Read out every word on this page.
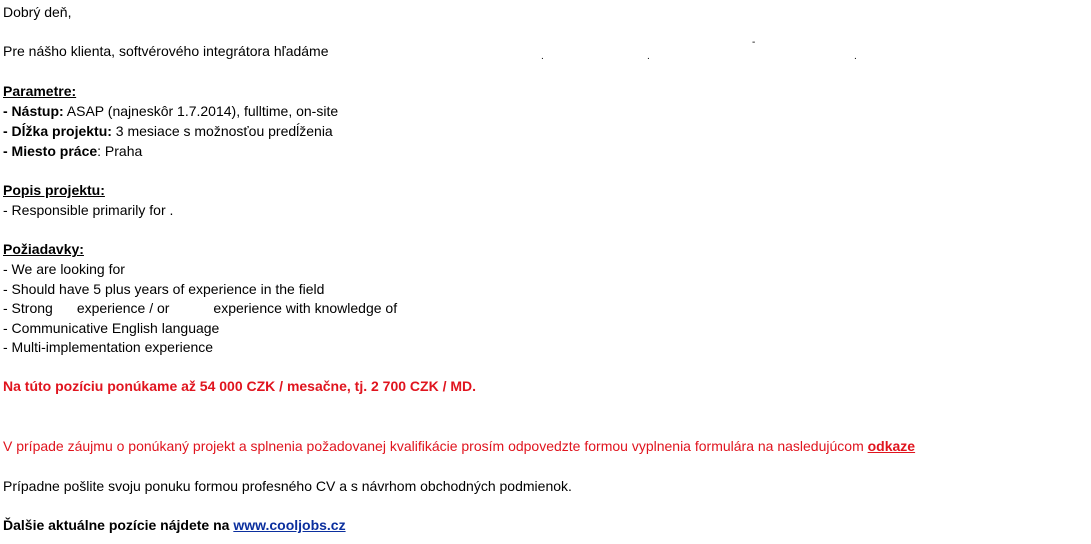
Dobrý deň,
Pre nášho klienta, softvérového integrátora hľadáme	.	.
-
.
Parametre:
- Nástup: ASAP (najneskôr 1.7.2014), fulltime, on-site
- Dĺžka projektu: 3 mesiace s možnosťou predĺženia
- Miesto práce: Praha
Popis projektu:
- Responsible primarily for .
Požiadavky:
- We are looking for
- Should have 5 plus years of experience in the field
- Strong experience / or	experience with knowledge of
- Communicative English language
- Multi-implementation experience
Na túto pozíciu ponúkame až 54 000 CZK / mesačne, tj. 2 700 CZK / MD.
V prípade záujmu o ponúkaný projekt a splnenia požadovanej kvalifikácie prosím odpovedzte formou vyplnenia formulára na nasledujúcom odkaze
Prípadne pošlite svoju ponuku formou profesného CV a s návrhom obchodných podmienok.
Ďalšie aktuálne pozície nájdete na www.cooljobs.cz
